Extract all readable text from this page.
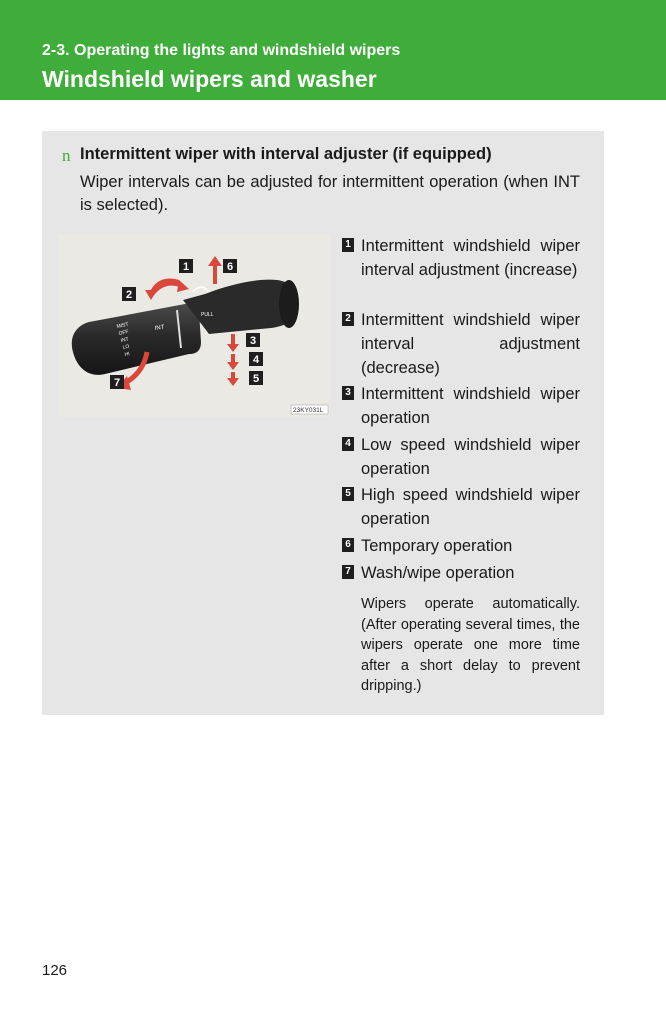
2-3. Operating the lights and windshield wipers
Windshield wipers and washer
n Intermittent wiper with interval adjuster (if equipped)
Wiper intervals can be adjusted for intermittent operation (when INT is selected).
MIST
OFF
INT
LO
HI
INT
PULL
1
2
3
4
5
6
7
23KY031L
1 Intermittent windshield wiper interval adjustment (increase)
2 Intermittent windshield wiper interval adjustment (decrease)
3 Intermittent windshield wiper operation
4 Low speed windshield wiper operation
5 High speed windshield wiper operation
6 Temporary operation
7 Wash/wipe operation
Wipers operate automatically. (After operating several times, the wipers operate one more time after a short delay to prevent dripping.)
126
